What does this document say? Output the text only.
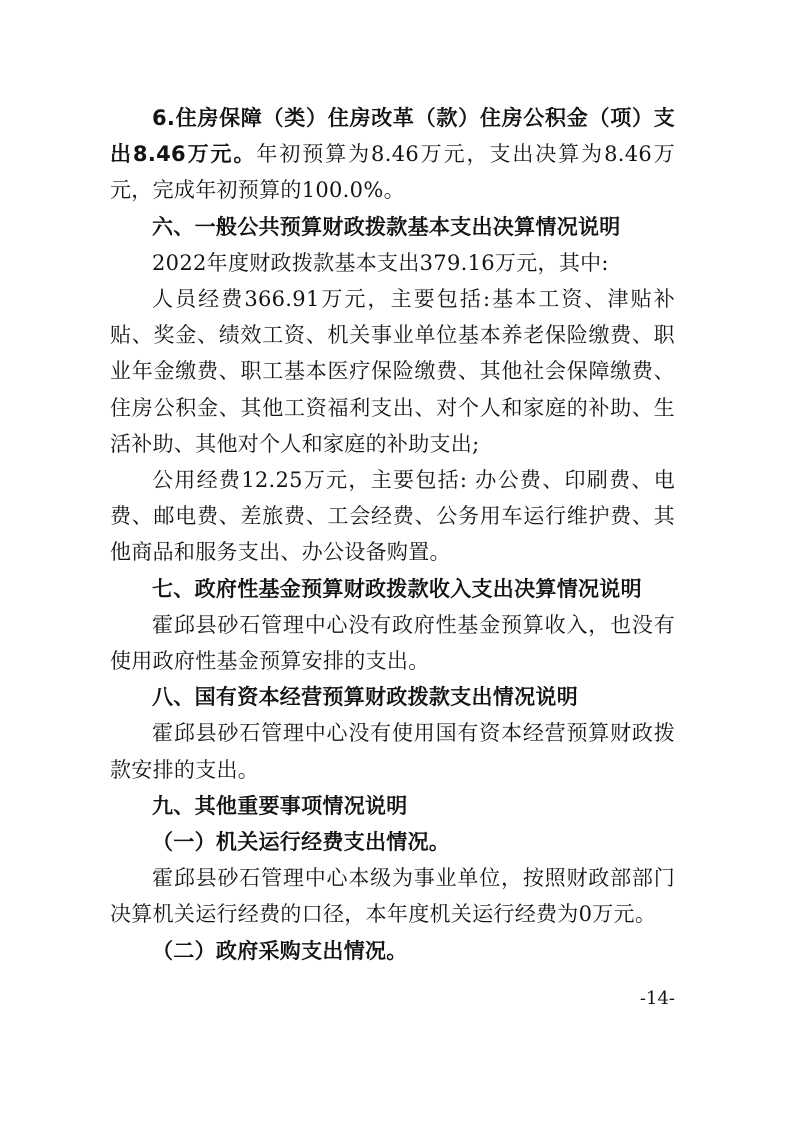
6.住房保障（类）住房改革（款）住房公积金（项）支出8.46万元。年初预算为8.46万元，支出决算为8.46万元，完成年初预算的100.0%。

六、一般公共预算财政拨款基本支出决算情况说明

2022年度财政拨款基本支出379.16万元，其中:

人员经费366.91万元，主要包括:基本工资、津贴补贴、奖金、绩效工资、机关事业单位基本养老保险缴费、职业年金缴费、职工基本医疗保险缴费、其他社会保障缴费、住房公积金、其他工资福利支出、对个人和家庭的补助、生活补助、其他对个人和家庭的补助支出;

公用经费12.25万元，主要包括: 办公费、印刷费、电费、邮电费、差旅费、工会经费、公务用车运行维护费、其他商品和服务支出、办公设备购置。

七、政府性基金预算财政拨款收入支出决算情况说明

霍邱县砂石管理中心没有政府性基金预算收入，也没有使用政府性基金预算安排的支出。

八、国有资本经营预算财政拨款支出情况说明

霍邱县砂石管理中心没有使用国有资本经营预算财政拨款安排的支出。

九、其他重要事项情况说明

（一）机关运行经费支出情况。

霍邱县砂石管理中心本级为事业单位，按照财政部部门决算机关运行经费的口径，本年度机关运行经费为0万元。

（二）政府采购支出情况。

-14-
